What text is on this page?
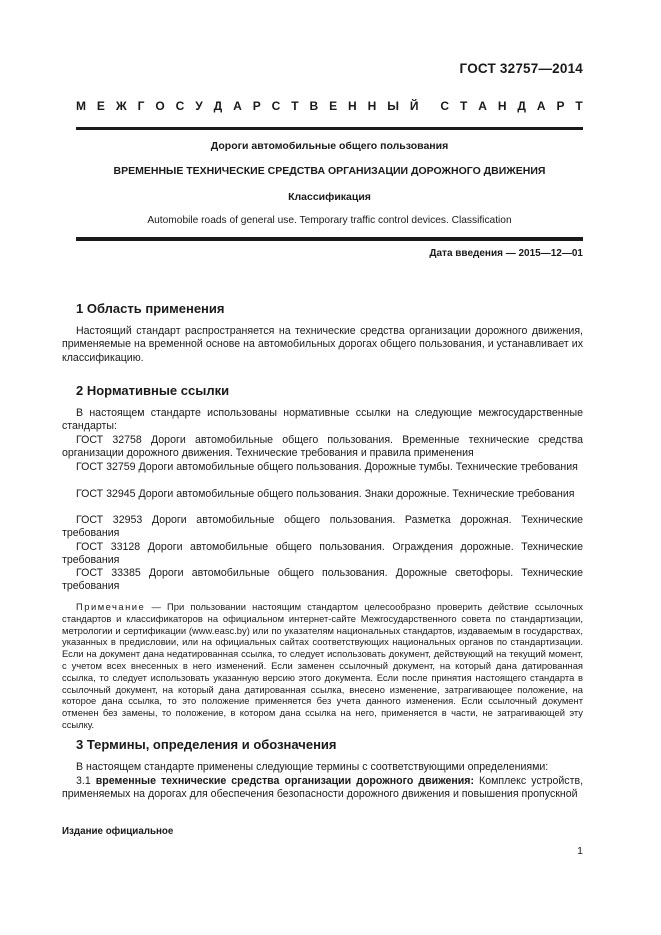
ГОСТ 32757—2014
М Е Ж Г О С У Д А Р С Т В Е Н Н Ы Й С Т А Н Д А Р Т
Дороги автомобильные общего пользования
ВРЕМЕННЫЕ ТЕХНИЧЕСКИЕ СРЕДСТВА ОРГАНИЗАЦИИ ДОРОЖНОГО ДВИЖЕНИЯ
Классификация
Automobile roads of general use. Temporary traffic control devices. Classification
Дата введения — 2015—12—01
1 Область применения
Настоящий стандарт распространяется на технические средства организации дорожного движения, применяемые на временной основе на автомобильных дорогах общего пользования, и устанавливает их классификацию.
2 Нормативные ссылки
В настоящем стандарте использованы нормативные ссылки на следующие межгосударственные стандарты:
ГОСТ 32758 Дороги автомобильные общего пользования. Временные технические средства организации дорожного движения. Технические требования и правила применения
ГОСТ 32759 Дороги автомобильные общего пользования. Дорожные тумбы. Технические требования
ГОСТ 32945 Дороги автомобильные общего пользования. Знаки дорожные. Технические требования
ГОСТ 32953 Дороги автомобильные общего пользования. Разметка дорожная. Технические требования
ГОСТ 33128 Дороги автомобильные общего пользования. Ограждения дорожные. Технические требования
ГОСТ 33385 Дороги автомобильные общего пользования. Дорожные светофоры. Технические требования
Примечание — При пользовании настоящим стандартом целесообразно проверить действие ссылочных стандартов и классификаторов на официальном интернет-сайте Межгосударственного совета по стандартизации, метрологии и сертификации (www.easc.by) или по указателям национальных стандартов, издаваемым в государствах, указанных в предисловии, или на официальных сайтах соответствующих национальных органов по стандартизации. Если на документ дана недатированная ссылка, то следует использовать документ, действующий на текущий момент, с учетом всех внесенных в него изменений. Если заменен ссылочный документ, на который дана датированная ссылка, то следует использовать указанную версию этого документа. Если после принятия настоящего стандарта в ссылочный документ, на который дана датированная ссылка, внесено изменение, затрагивающее положение, на которое дана ссылка, то это положение применяется без учета данного изменения. Если ссылочный документ отменен без замены, то положение, в котором дана ссылка на него, применяется в части, не затрагивающей эту ссылку.
3 Термины, определения и обозначения
В настоящем стандарте применены следующие термины с соответствующими определениями:
3.1 временные технические средства организации дорожного движения: Комплекс устройств, применяемых на дорогах для обеспечения безопасности дорожного движения и повышения пропускной
Издание официальное
1
